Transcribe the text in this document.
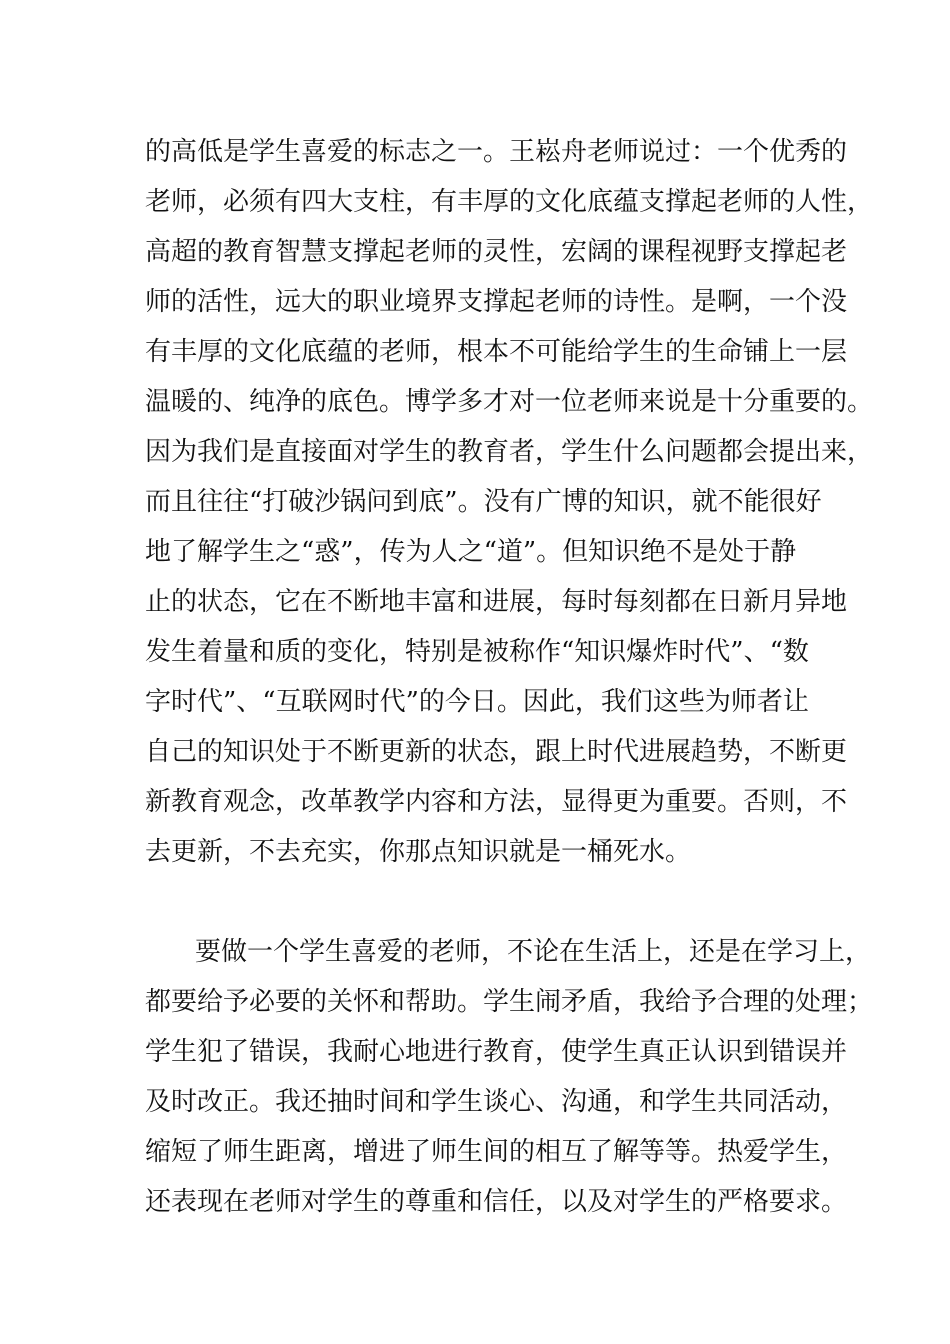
的高低是学生喜爱的标志之一。王崧舟老师说过：一个优秀的
老师，必须有四大支柱，有丰厚的文化底蕴支撑起老师的人性，
高超的教育智慧支撑起老师的灵性，宏阔的课程视野支撑起老
师的活性，远大的职业境界支撑起老师的诗性。是啊，一个没
有丰厚的文化底蕴的老师，根本不可能给学生的生命铺上一层
温暖的、纯净的底色。博学多才对一位老师来说是十分重要的。
因为我们是直接面对学生的教育者，学生什么问题都会提出来，
而且往往“打破沙锅问到底”。没有广博的知识，就不能很好
地了解学生之“惑”，传为人之“道”。但知识绝不是处于静
止的状态，它在不断地丰富和进展，每时每刻都在日新月异地
发生着量和质的变化，特别是被称作“知识爆炸时代”、“数
字时代”、“互联网时代”的今日。因此，我们这些为师者让
自己的知识处于不断更新的状态，跟上时代进展趋势，不断更
新教育观念，改革教学内容和方法，显得更为重要。否则，不
去更新，不去充实，你那点知识就是一桶死水。
要做一个学生喜爱的老师，不论在生活上，还是在学习上，
都要给予必要的关怀和帮助。学生闹矛盾，我给予合理的处理；
学生犯了错误，我耐心地进行教育，使学生真正认识到错误并
及时改正。我还抽时间和学生谈心、沟通，和学生共同活动，
缩短了师生距离，增进了师生间的相互了解等等。热爱学生，
还表现在老师对学生的尊重和信任，以及对学生的严格要求。
